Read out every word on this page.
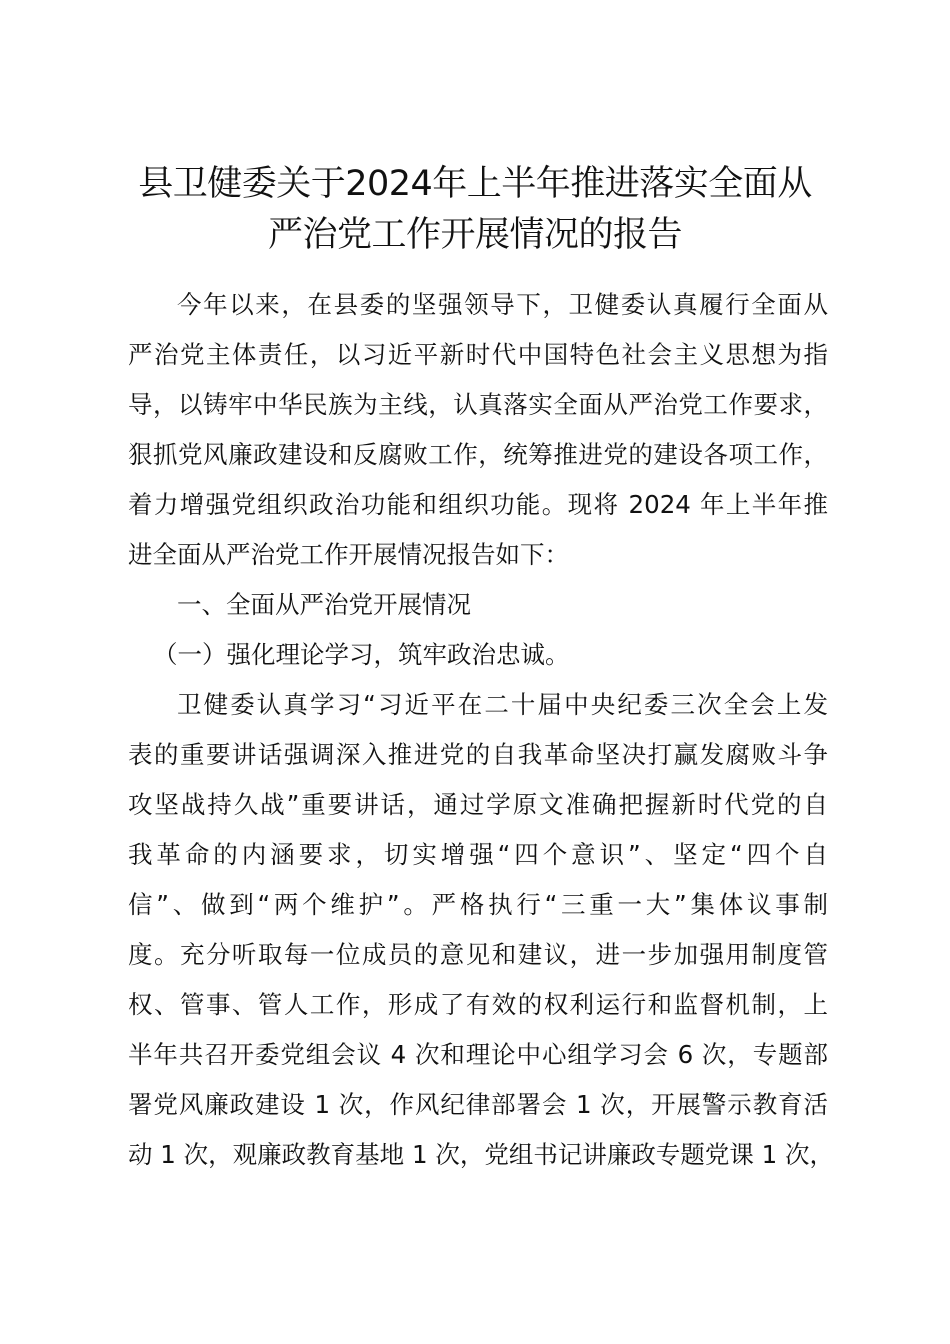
县卫健委关于2024年上半年推进落实全面从
严治党工作开展情况的报告

今年以来，在县委的坚强领导下，卫健委认真履行全面从

严治党主体责任，以习近平新时代中国特色社会主义思想为指

导，以铸牢中华民族为主线，认真落实全面从严治党工作要求，

狠抓党风廉政建设和反腐败工作，统筹推进党的建设各项工作，

着力增强党组织政治功能和组织功能。现将 2024 年上半年推

进全面从严治党工作开展情况报告如下：

一、全面从严治党开展情况

（一）强化理论学习，筑牢政治忠诚。

卫健委认真学习“习近平在二十届中央纪委三次全会上发

表的重要讲话强调深入推进党的自我革命坚决打赢发腐败斗争

攻坚战持久战”重要讲话，通过学原文准确把握新时代党的自

我革命的内涵要求，切实增强“四个意识”、坚定“四个自

信”、做到“两个维护”。严格执行“三重一大”集体议事制

度。充分听取每一位成员的意见和建议，进一步加强用制度管

权、管事、管人工作，形成了有效的权利运行和监督机制，上

半年共召开委党组会议 4 次和理论中心组学习会 6 次，专题部

署党风廉政建设 1 次，作风纪律部署会 1 次，开展警示教育活

动 1 次，观廉政教育基地 1 次，党组书记讲廉政专题党课 1 次，
